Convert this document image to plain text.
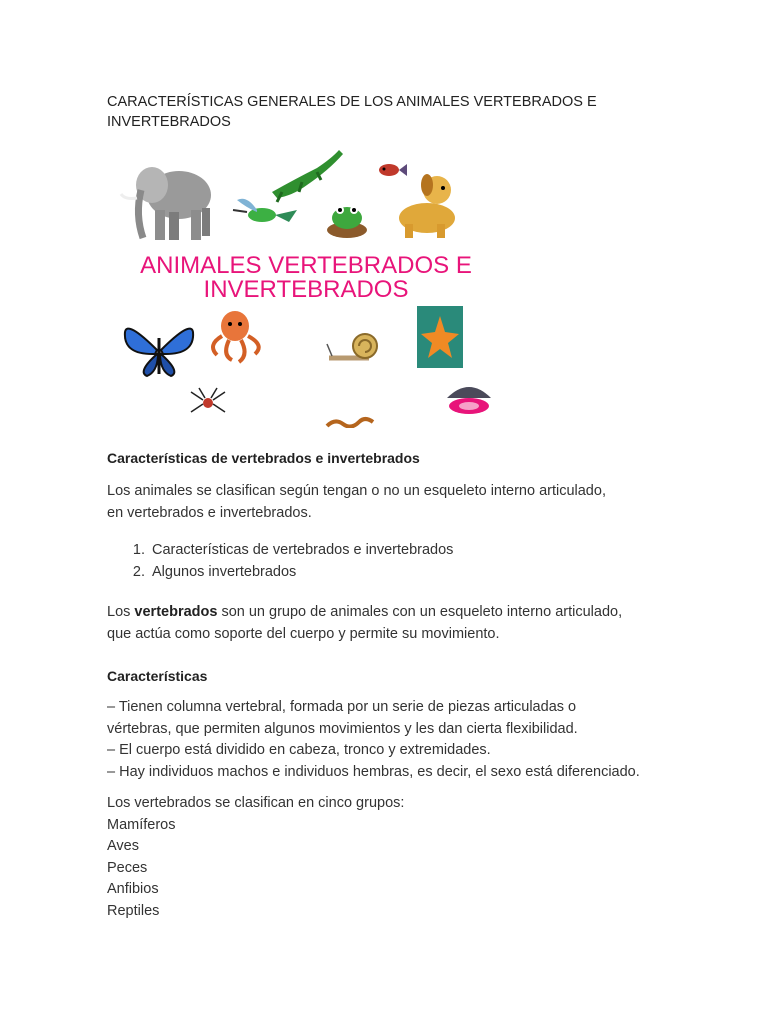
CARACTERÍSTICAS GENERALES DE LOS ANIMALES VERTEBRADOS E
INVERTEBRADOS
ANIMALES VERTEBRADOS E
INVERTEBRADOS
Características de vertebrados e invertebrados
Los animales se clasifican según tengan o no un esqueleto interno articulado,
en vertebrados e invertebrados.
1. Características de vertebrados e invertebrados
2. Algunos invertebrados
Los vertebrados son un grupo de animales con un esqueleto interno articulado,
que actúa como soporte del cuerpo y permite su movimiento.
Características
– Tienen columna vertebral, formada por un serie de piezas articuladas o
vértebras, que permiten algunos movimientos y les dan cierta flexibilidad.
– El cuerpo está dividido en cabeza, tronco y extremidades.
– Hay individuos machos e individuos hembras, es decir, el sexo está diferenciado.
Los vertebrados se clasifican en cinco grupos:
Mamíferos
Aves
Peces
Anfibios
Reptiles
